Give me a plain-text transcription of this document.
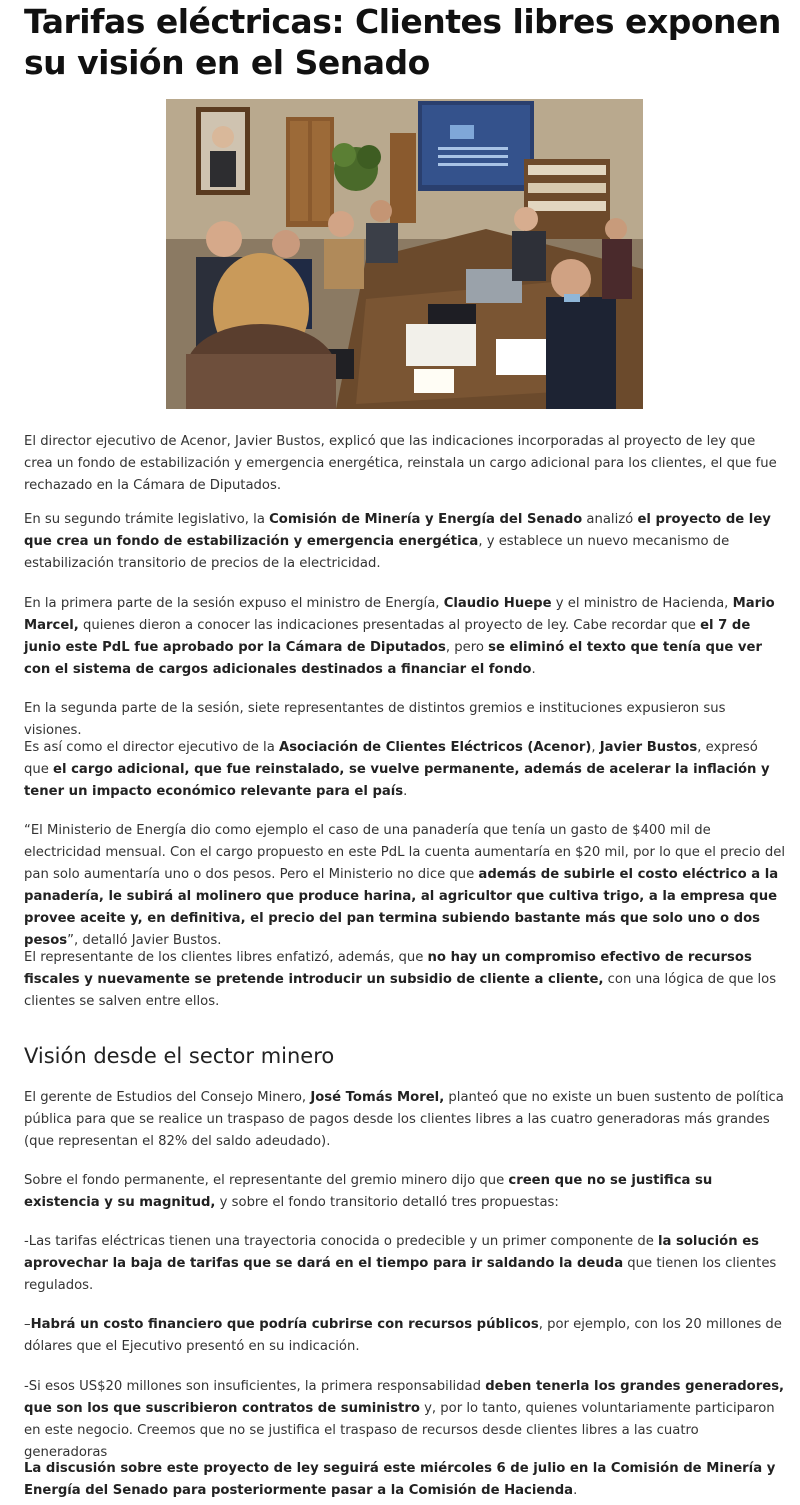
Tarifas eléctricas: Clientes libres exponen su visión en el Senado

El director ejecutivo de Acenor, Javier Bustos, explicó que las indicaciones incorporadas al proyecto de ley que crea un fondo de estabilización y emergencia energética, reinstala un cargo adicional para los clientes, el que fue rechazado en la Cámara de Diputados.

En su segundo trámite legislativo, la Comisión de Minería y Energía del Senado analizó el proyecto de ley que crea un fondo de estabilización y emergencia energética, y establece un nuevo mecanismo de estabilización transitorio de precios de la electricidad.

En la primera parte de la sesión expuso el ministro de Energía, Claudio Huepe y el ministro de Hacienda, Mario Marcel, quienes dieron a conocer las indicaciones presentadas al proyecto de ley. Cabe recordar que el 7 de junio este PdL fue aprobado por la Cámara de Diputados, pero se eliminó el texto que tenía que ver con el sistema de cargos adicionales destinados a financiar el fondo.

En la segunda parte de la sesión, siete representantes de distintos gremios e instituciones expusieron sus visiones.

Es así como el director ejecutivo de la Asociación de Clientes Eléctricos (Acenor), Javier Bustos, expresó que el cargo adicional, que fue reinstalado, se vuelve permanente, además de acelerar la inflación y tener un impacto económico relevante para el país.

“El Ministerio de Energía dio como ejemplo el caso de una panadería que tenía un gasto de $400 mil de electricidad mensual. Con el cargo propuesto en este PdL la cuenta aumentaría en $20 mil, por lo que el precio del pan solo aumentaría uno o dos pesos. Pero el Ministerio no dice que además de subirle el costo eléctrico a la panadería, le subirá al molinero que produce harina, al agricultor que cultiva trigo, a la empresa que provee aceite y, en definitiva, el precio del pan termina subiendo bastante más que solo uno o dos pesos”, detalló Javier Bustos.

El representante de los clientes libres enfatizó, además, que no hay un compromiso efectivo de recursos fiscales y nuevamente se pretende introducir un subsidio de cliente a cliente, con una lógica de que los clientes se salven entre ellos.

Visión desde el sector minero

El gerente de Estudios del Consejo Minero, José Tomás Morel, planteó que no existe un buen sustento de política pública para que se realice un traspaso de pagos desde los clientes libres a las cuatro generadoras más grandes (que representan el 82% del saldo adeudado).

Sobre el fondo permanente, el representante del gremio minero dijo que creen que no se justifica su existencia y su magnitud, y sobre el fondo transitorio detalló tres propuestas:

-Las tarifas eléctricas tienen una trayectoria conocida o predecible y un primer componente de la solución es aprovechar la baja de tarifas que se dará en el tiempo para ir saldando la deuda que tienen los clientes regulados.

–Habrá un costo financiero que podría cubrirse con recursos públicos, por ejemplo, con los 20 millones de dólares que el Ejecutivo presentó en su indicación.

-Si esos US$20 millones son insuficientes, la primera responsabilidad deben tenerla los grandes generadores, que son los que suscribieron contratos de suministro y, por lo tanto, quienes voluntariamente participaron en este negocio. Creemos que no se justifica el traspaso de recursos desde clientes libres a las cuatro generadoras

La discusión sobre este proyecto de ley seguirá este miércoles 6 de julio en la Comisión de Minería y Energía del Senado para posteriormente pasar a la Comisión de Hacienda.
